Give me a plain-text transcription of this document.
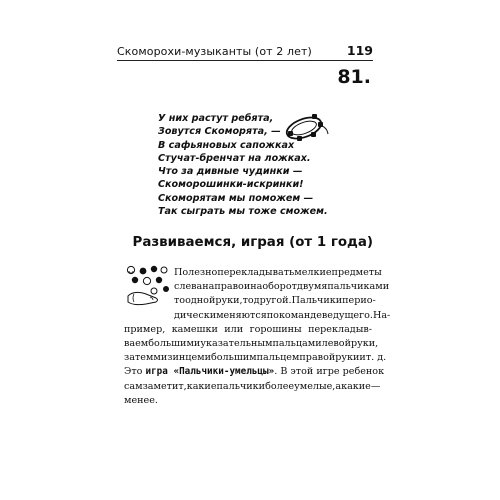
Скоморохи-музыканты (от 2 лет)	119
81.
У них растут ребята,
Зовутся Скоморята, —
В сафьяновых сапожках
Стучат-бренчат на ложках.
Что за дивные чудинки —
Скоморошинки-искринки!
Скоморятам мы поможем —
Так сыграть мы тоже сможем.
Развиваемся, играя (от 1 года)
Полезно перекладывать мелкие предметы
слева направо и наоборот двумя пальчиками
то одной руки, то другой. Пальчики перио-
дически меняются по команде ведущего. На-
пример, камешки или горошины перекладыв-
ваем большим и указательным пальцами левой руки,
затем мизинцем и большим пальцем правой руки и т. д.
Это игра «Пальчики-умельцы». В этой игре ребенок
сам заметит, какие пальчики более умелые, а какие —
менее.
